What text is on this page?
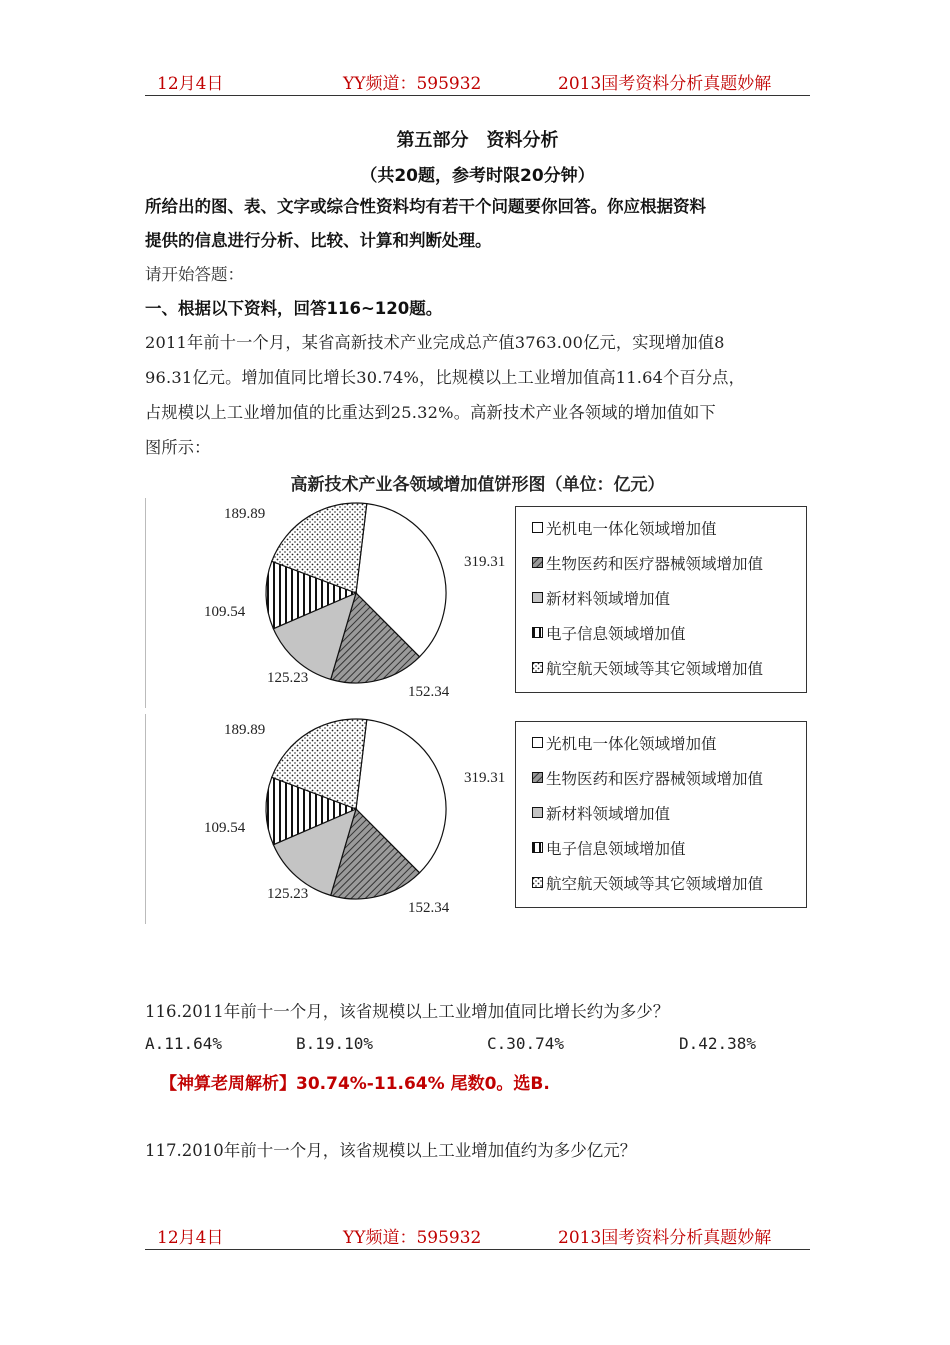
12月4日	YY频道：595932	2013国考资料分析真题妙解
第五部分　资料分析
（共20题，参考时限20分钟）
所给出的图、表、文字或综合性资料均有若干个问题要你回答。你应根据资料
提供的信息进行分析、比较、计算和判断处理。
请开始答题：
一、根据以下资料，回答116~120题。
2011年前十一个月，某省高新技术产业完成总产值3763.00亿元，实现增加值8
96.31亿元。增加值同比增长30.74%，比规模以上工业增加值高11.64个百分点，
占规模以上工业增加值的比重达到25.32%。高新技术产业各领域的增加值如下
图所示：
高新技术产业各领域增加值饼形图（单位：亿元）
319.31
152.34
125.23
109.54
189.89
光机电一体化领域增加值
生物医药和医疗器械领域增加值
新材料领域增加值
电子信息领域增加值
航空航天领域等其它领域增加值
319.31
152.34
125.23
109.54
189.89
光机电一体化领域增加值
生物医药和医疗器械领域增加值
新材料领域增加值
电子信息领域增加值
航空航天领域等其它领域增加值
116.2011年前十一个月，该省规模以上工业增加值同比增长约为多少？
A.11.64%	B.19.10%	C.30.74%	D.42.38%
【神算老周解析】30.74%-11.64% 尾数0。选B.
117.2010年前十一个月，该省规模以上工业增加值约为多少亿元？
12月4日	YY频道：595932	2013国考资料分析真题妙解
